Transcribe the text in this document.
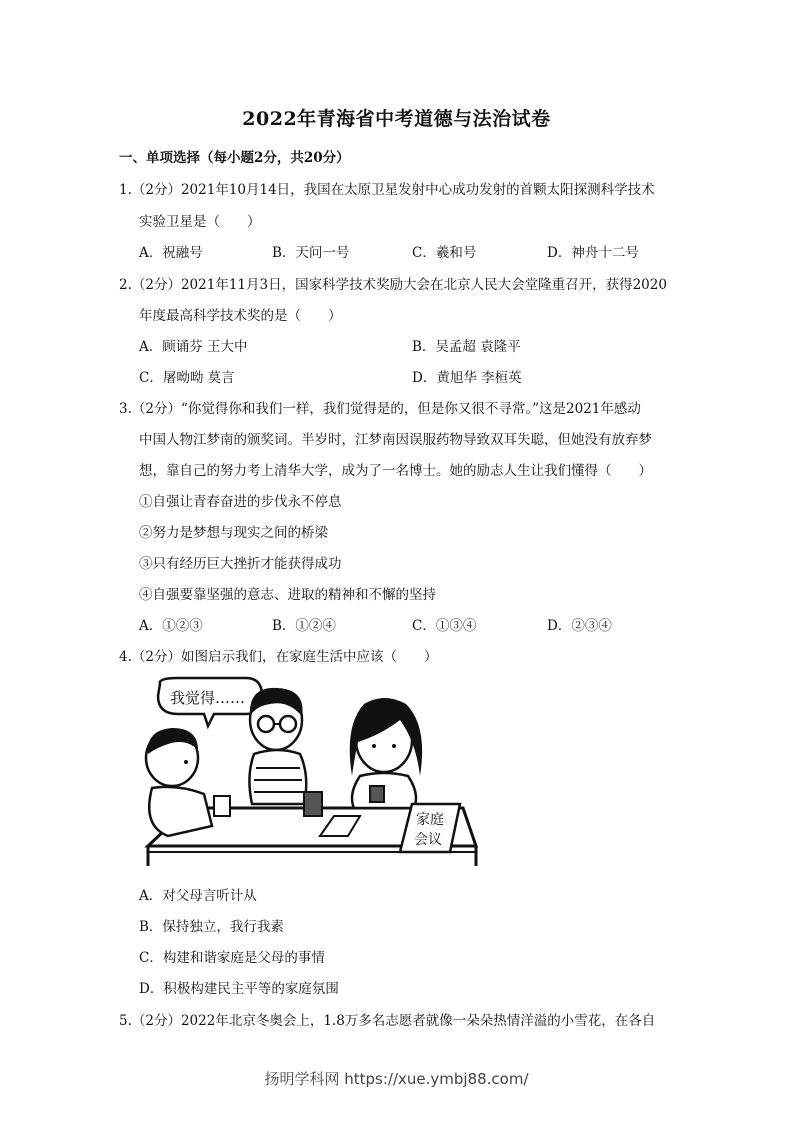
2022年青海省中考道德与法治试卷
一、单项选择（每小题2分，共20分）
1.（2分）2021年10月14日，我国在太原卫星发射中心成功发射的首颗太阳探测科学技术
实验卫星是（　　）
A．祝融号	B．天问一号	C．羲和号	D．神舟十二号
2.（2分）2021年11月3日，国家科学技术奖励大会在北京人民大会堂隆重召开，获得2020
年度最高科学技术奖的是（　　）
A．顾诵芬 王大中	B．吴孟超 袁隆平
C．屠呦呦 莫言	D．黄旭华 李桓英
3.（2分）“你觉得你和我们一样，我们觉得是的，但是你又很不寻常。”这是2021年感动
中国人物江梦南的颁奖词。半岁时，江梦南因误服药物导致双耳失聪，但她没有放弃梦
想，靠自己的努力考上清华大学，成为了一名博士。她的励志人生让我们懂得（　　）
①自强让青春奋进的步伐永不停息
②努力是梦想与现实之间的桥梁
③只有经历巨大挫折才能获得成功
④自强要靠坚强的意志、进取的精神和不懈的坚持
A．①②③	B．①②④	C．①③④	D．②③④
4.（2分）如图启示我们，在家庭生活中应该（　　）
我觉得……
家庭
会议
A．对父母言听计从
B．保持独立，我行我素
C．构建和谐家庭是父母的事情
D．积极构建民主平等的家庭氛围
5.（2分）2022年北京冬奥会上，1.8万多名志愿者就像一朵朵热情洋溢的小雪花，在各自
扬明学科网 https://xue.ymbj88.com/
